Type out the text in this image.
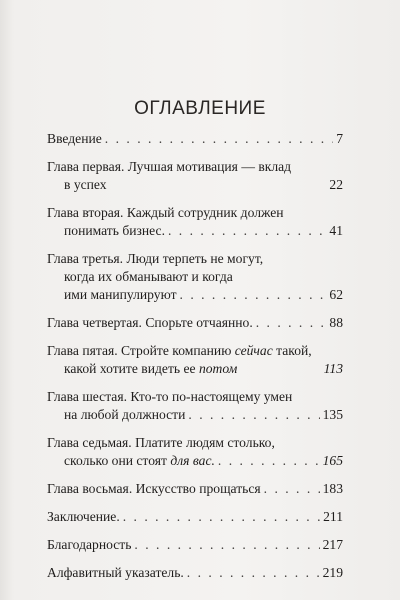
ОГЛАВЛЕНИЕ
Введение . . .	7
Глава первая. Лучшая мотивация — вклад
в успех	22
Глава вторая. Каждый сотрудник должен
понимать бизнес. . . .	41
Глава третья. Люди терпеть не могут,
когда их обманывают и когда
ими манипулируют . . .	62
Глава четвертая. Спорьте отчаянно. . . .	88
Глава пятая. Стройте компанию сейчас такой,
какой хотите видеть ее потом	113
Глава шестая. Кто-то по-настоящему умен
на любой должности . . .	135
Глава седьмая. Платите людям столько,
сколько они стоят для вас. . . .	165
Глава восьмая. Искусство прощаться . . .	183
Заключение. . . .	211
Благодарность . . .	217
Алфавитный указатель. . . .	219
